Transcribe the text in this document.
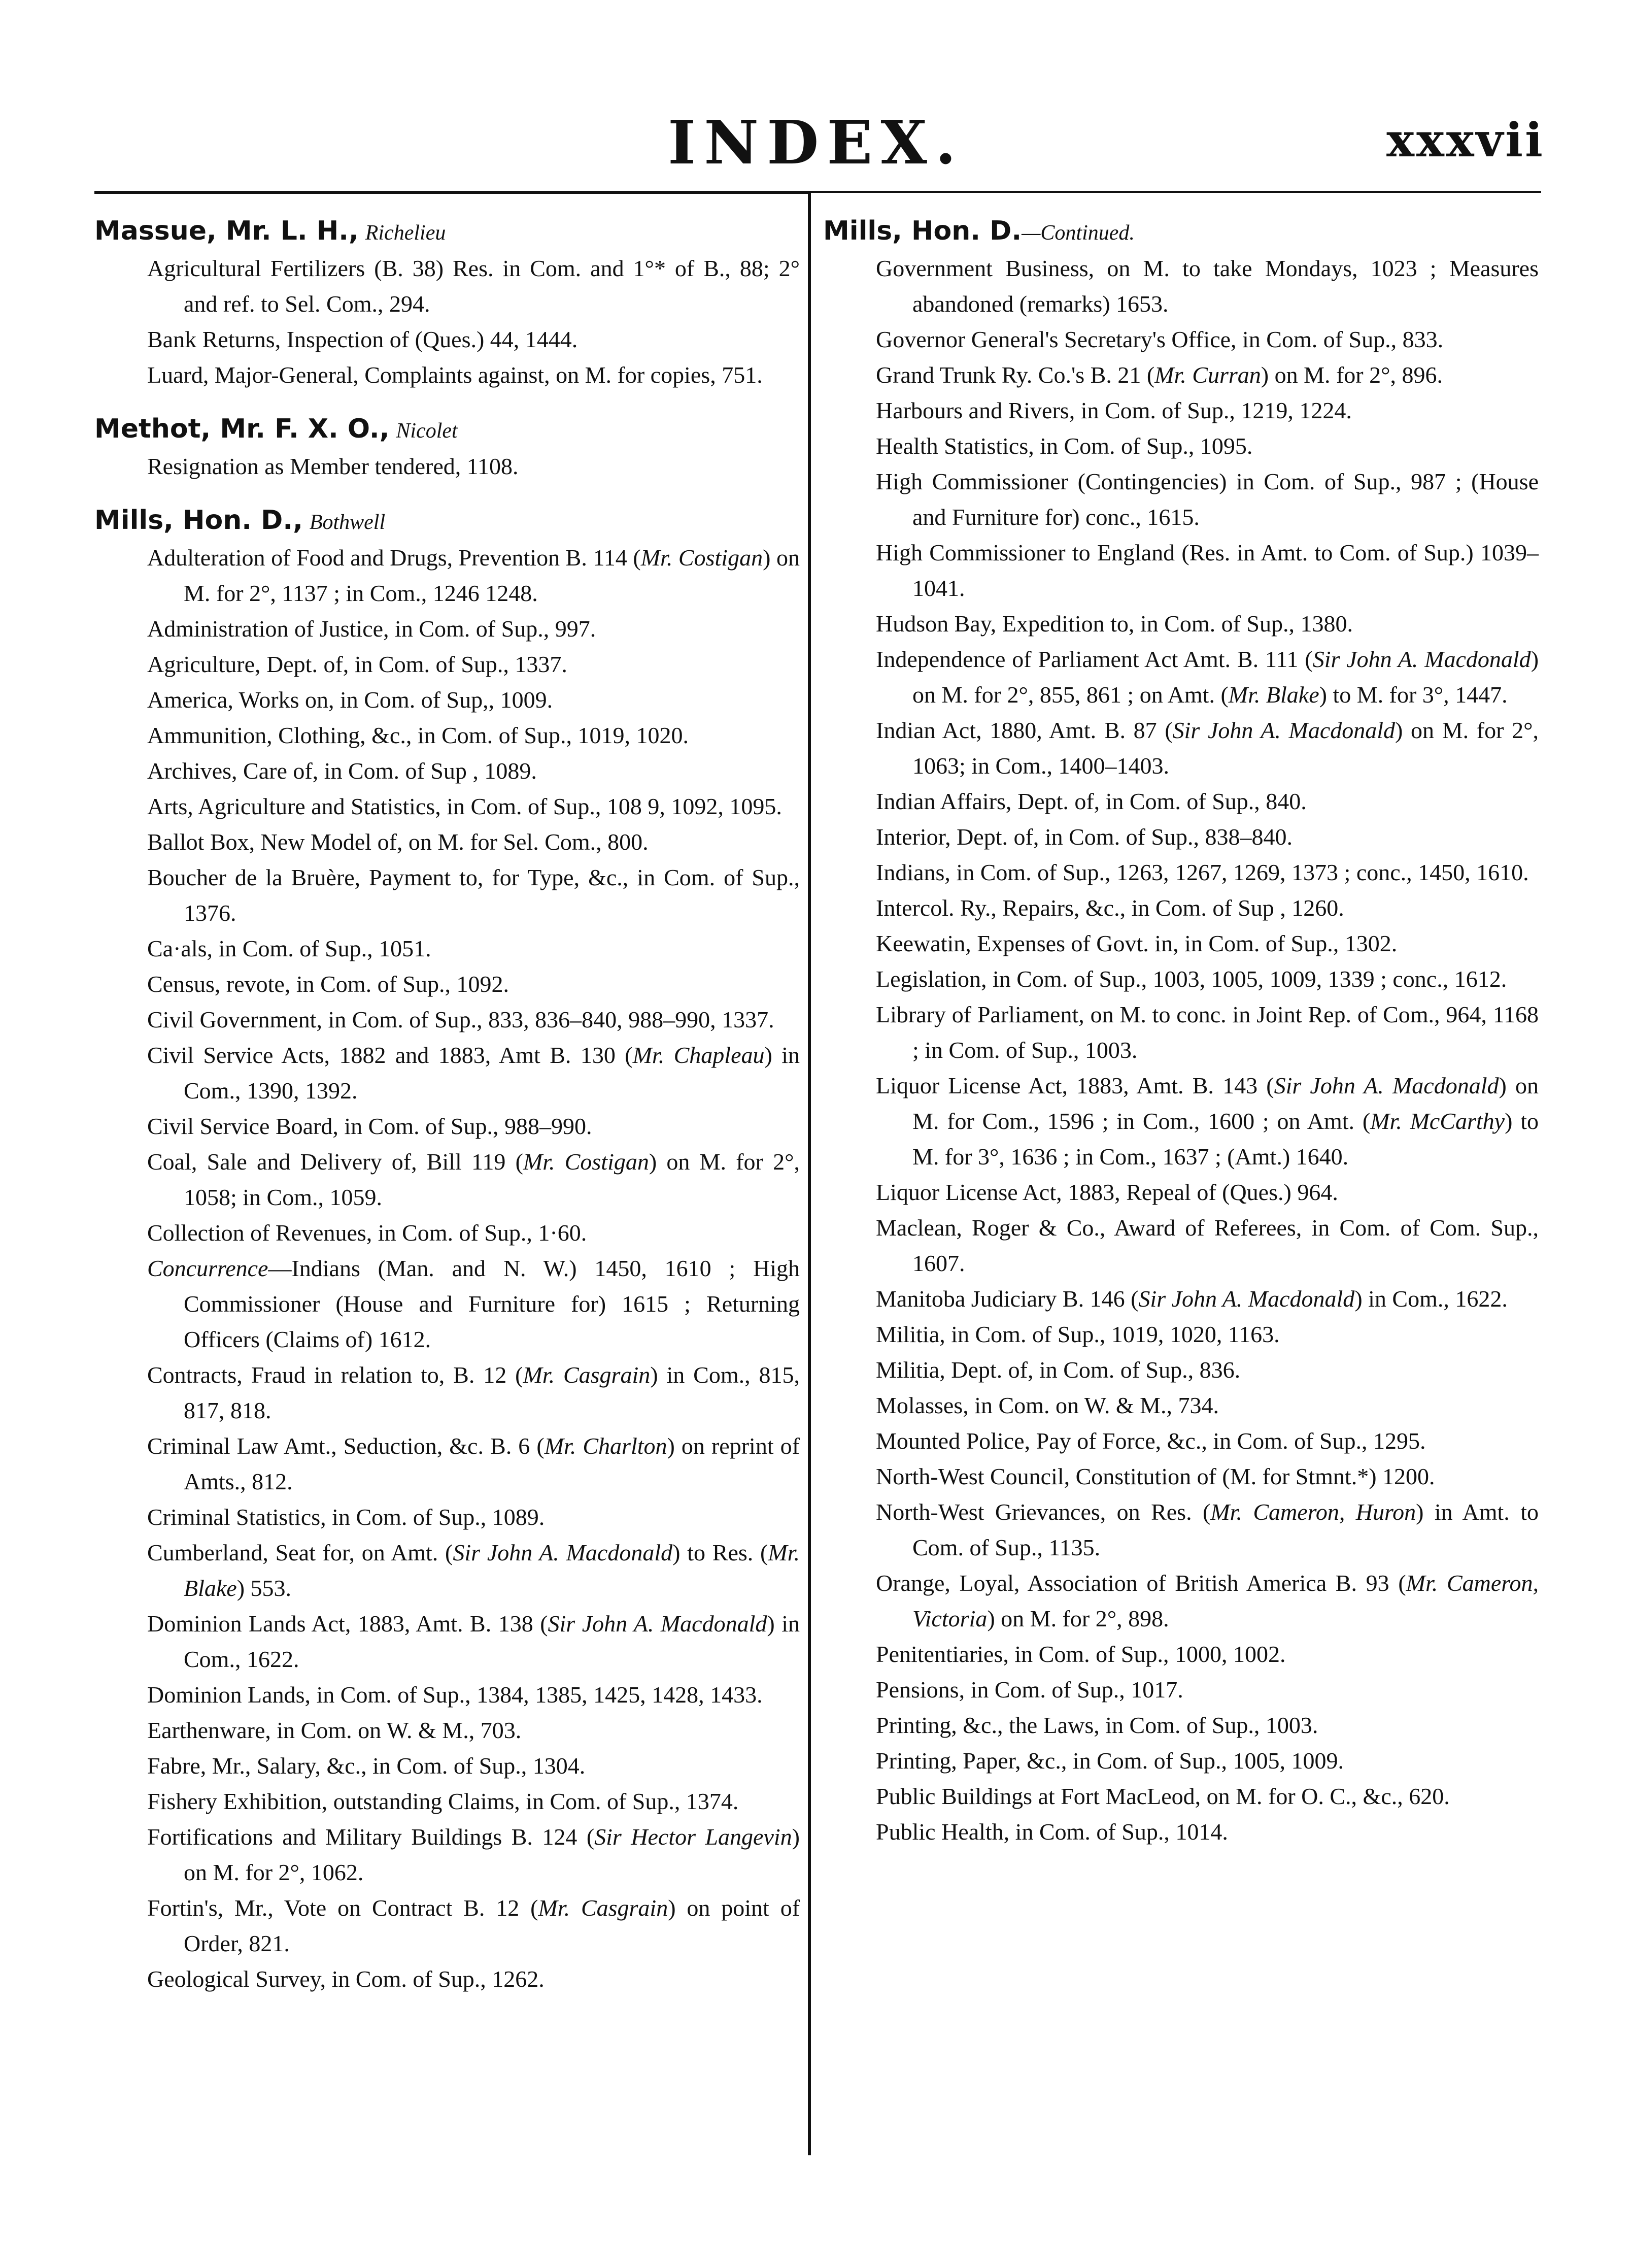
INDEX.	xxxvii
Massue, Mr. L. H., Richelieu
Agricultural Fertilizers (B. 38) Res. in Com. and 1°* of B., 88; 2° and ref. to Sel. Com., 294.
Bank Returns, Inspection of (Ques.) 44, 1444.
Luard, Major-General, Complaints against, on M. for copies, 751.
Methot, Mr. F. X. O., Nicolet
Resignation as Member tendered, 1108.
Mills, Hon. D., Bothwell
Adulteration of Food and Drugs, Prevention B. 114 (Mr. Costigan) on M. for 2°, 1137 ; in Com., 1246 1248.
Administration of Justice, in Com. of Sup., 997.
Agriculture, Dept. of, in Com. of Sup., 1337.
America, Works on, in Com. of Sup,, 1009.
Ammunition, Clothing, &c., in Com. of Sup., 1019, 1020.
Archives, Care of, in Com. of Sup , 1089.
Arts, Agriculture and Statistics, in Com. of Sup., 108 9, 1092, 1095.
Ballot Box, New Model of, on M. for Sel. Com., 800.
Boucher de la Bruère, Payment to, for Type, &c., in Com. of Sup., 1376.
Ca·als, in Com. of Sup., 1051.
Census, revote, in Com. of Sup., 1092.
Civil Government, in Com. of Sup., 833, 836–840, 988–990, 1337.
Civil Service Acts, 1882 and 1883, Amt B. 130 (Mr. Chapleau) in Com., 1390, 1392.
Civil Service Board, in Com. of Sup., 988–990.
Coal, Sale and Delivery of, Bill 119 (Mr. Costigan) on M. for 2°, 1058; in Com., 1059.
Collection of Revenues, in Com. of Sup., 1·60.
Concurrence—Indians (Man. and N. W.) 1450, 1610 ; High Commissioner (House and Furniture for) 1615 ; Returning Officers (Claims of) 1612.
Contracts, Fraud in relation to, B. 12 (Mr. Casgrain) in Com., 815, 817, 818.
Criminal Law Amt., Seduction, &c. B. 6 (Mr. Charlton) on reprint of Amts., 812.
Criminal Statistics, in Com. of Sup., 1089.
Cumberland, Seat for, on Amt. (Sir John A. Macdonald) to Res. (Mr. Blake) 553.
Dominion Lands Act, 1883, Amt. B. 138 (Sir John A. Macdonald) in Com., 1622.
Dominion Lands, in Com. of Sup., 1384, 1385, 1425, 1428, 1433.
Earthenware, in Com. on W. & M., 703.
Fabre, Mr., Salary, &c., in Com. of Sup., 1304.
Fishery Exhibition, outstanding Claims, in Com. of Sup., 1374.
Fortifications and Military Buildings B. 124 (Sir Hector Langevin) on M. for 2°, 1062.
Fortin's, Mr., Vote on Contract B. 12 (Mr. Casgrain) on point of Order, 821.
Geological Survey, in Com. of Sup., 1262.
Mills, Hon. D.—Continued.
Government Business, on M. to take Mondays, 1023 ; Measures abandoned (remarks) 1653.
Governor General's Secretary's Office, in Com. of Sup., 833.
Grand Trunk Ry. Co.'s B. 21 (Mr. Curran) on M. for 2°, 896.
Harbours and Rivers, in Com. of Sup., 1219, 1224.
Health Statistics, in Com. of Sup., 1095.
High Commissioner (Contingencies) in Com. of Sup., 987 ; (House and Furniture for) conc., 1615.
High Commissioner to England (Res. in Amt. to Com. of Sup.) 1039–1041.
Hudson Bay, Expedition to, in Com. of Sup., 1380.
Independence of Parliament Act Amt. B. 111 (Sir John A. Macdonald) on M. for 2°, 855, 861 ; on Amt. (Mr. Blake) to M. for 3°, 1447.
Indian Act, 1880, Amt. B. 87 (Sir John A. Macdonald) on M. for 2°, 1063; in Com., 1400–1403.
Indian Affairs, Dept. of, in Com. of Sup., 840.
Interior, Dept. of, in Com. of Sup., 838–840.
Indians, in Com. of Sup., 1263, 1267, 1269, 1373 ; conc., 1450, 1610.
Intercol. Ry., Repairs, &c., in Com. of Sup , 1260.
Keewatin, Expenses of Govt. in, in Com. of Sup., 1302.
Legislation, in Com. of Sup., 1003, 1005, 1009, 1339 ; conc., 1612.
Library of Parliament, on M. to conc. in Joint Rep. of Com., 964, 1168 ; in Com. of Sup., 1003.
Liquor License Act, 1883, Amt. B. 143 (Sir John A. Macdonald) on M. for Com., 1596 ; in Com., 1600 ; on Amt. (Mr. McCarthy) to M. for 3°, 1636 ; in Com., 1637 ; (Amt.) 1640.
Liquor License Act, 1883, Repeal of (Ques.) 964.
Maclean, Roger & Co., Award of Referees, in Com. of Com. Sup., 1607.
Manitoba Judiciary B. 146 (Sir John A. Macdonald) in Com., 1622.
Militia, in Com. of Sup., 1019, 1020, 1163.
Militia, Dept. of, in Com. of Sup., 836.
Molasses, in Com. on W. & M., 734.
Mounted Police, Pay of Force, &c., in Com. of Sup., 1295.
North-West Council, Constitution of (M. for Stmnt.*) 1200.
North-West Grievances, on Res. (Mr. Cameron, Huron) in Amt. to Com. of Sup., 1135.
Orange, Loyal, Association of British America B. 93 (Mr. Cameron, Victoria) on M. for 2°, 898.
Penitentiaries, in Com. of Sup., 1000, 1002.
Pensions, in Com. of Sup., 1017.
Printing, &c., the Laws, in Com. of Sup., 1003.
Printing, Paper, &c., in Com. of Sup., 1005, 1009.
Public Buildings at Fort MacLeod, on M. for O. C., &c., 620.
Public Health, in Com. of Sup., 1014.
